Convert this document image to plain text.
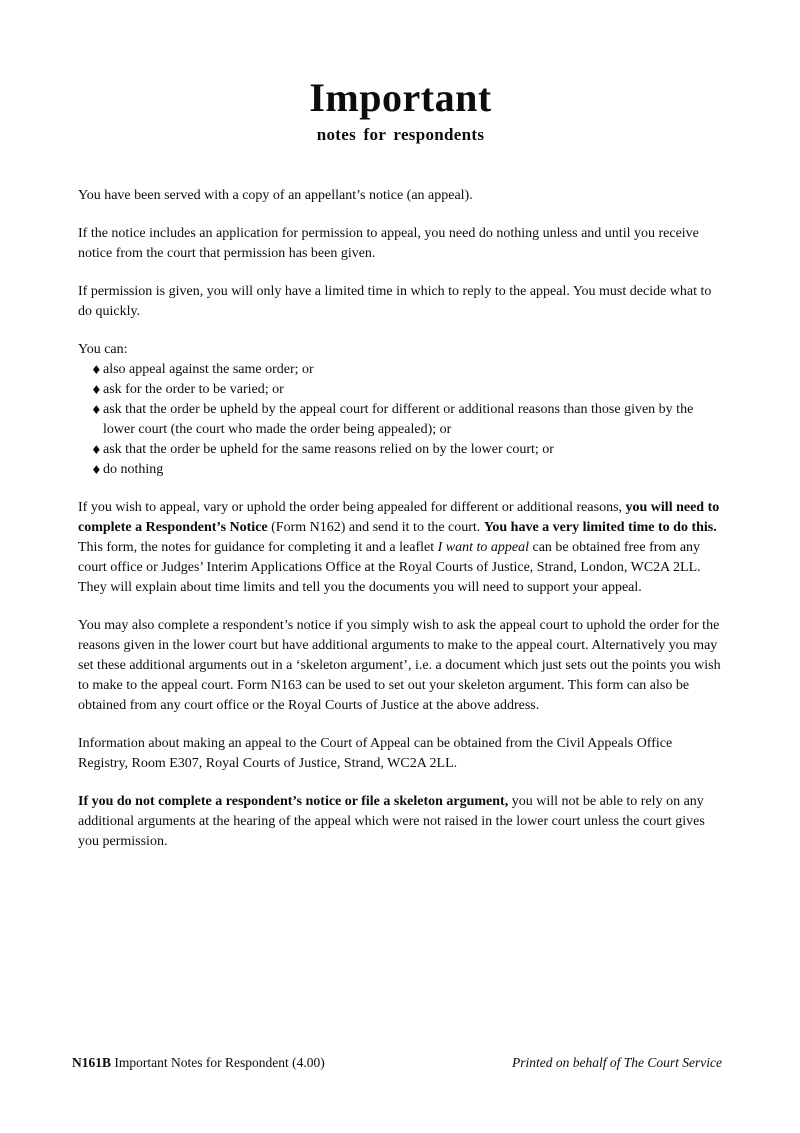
Important
notes for respondents

You have been served with a copy of an appellant’s notice (an appeal).

If the notice includes an application for permission to appeal, you need do nothing unless and until you receive notice from the court that permission has been given.

If permission is given, you will only have a limited time in which to reply to the appeal. You must decide what to do quickly.

You can:

♦ also appeal against the same order; or
♦ ask for the order to be varied; or
♦ ask that the order be upheld by the appeal court for different or additional reasons than those given by the lower court (the court who made the order being appealed); or
♦ ask that the order be upheld for the same reasons relied on by the lower court; or
♦ do nothing

If you wish to appeal, vary or uphold the order being appealed for different or additional reasons, you will need to complete a Respondent’s Notice (Form N162) and send it to the court. You have a very limited time to do this. This form, the notes for guidance for completing it and a leaflet I want to appeal can be obtained free from any court office or Judges’ Interim Applications Office at the Royal Courts of Justice, Strand, London, WC2A 2LL. They will explain about time limits and tell you the documents you will need to support your appeal.

You may also complete a respondent’s notice if you simply wish to ask the appeal court to uphold the order for the reasons given in the lower court but have additional arguments to make to the appeal court. Alternatively you may set these additional arguments out in a ‘skeleton argument’, i.e. a document which just sets out the points you wish to make to the appeal court. Form N163 can be used to set out your skeleton argument. This form can also be obtained from any court office or the Royal Courts of Justice at the above address.

Information about making an appeal to the Court of Appeal can be obtained from the Civil Appeals Office Registry, Room E307, Royal Courts of Justice, Strand, WC2A 2LL.

If you do not complete a respondent’s notice or file a skeleton argument, you will not be able to rely on any additional arguments at the hearing of the appeal which were not raised in the lower court unless the court gives you permission.

N161B Important Notes for Respondent (4.00)	Printed on behalf of The Court Service
